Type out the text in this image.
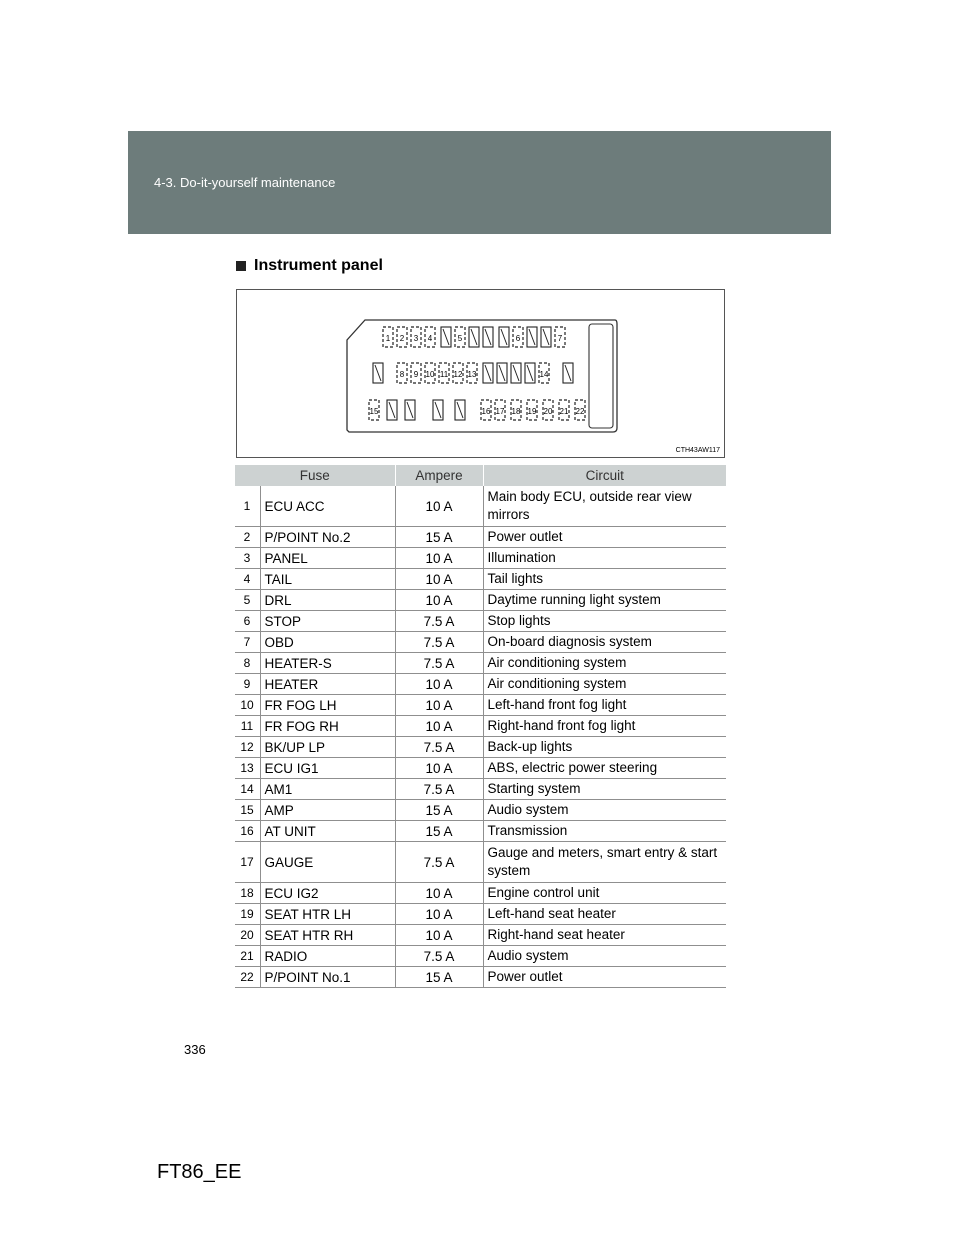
4-3. Do-it-yourself maintenance
Instrument panel
1 2 3 4	5	6	7
8 9 10 11 12 13	14
15	16 17 18 19 20 21 22
CTH43AW117
Fuse		Ampere	Circuit
1	ECU ACC	10 A	Main body ECU, outside rear view mirrors
2	P/POINT No.2	15 A	Power outlet
3	PANEL	10 A	Illumination
4	TAIL	10 A	Tail lights
5	DRL	10 A	Daytime running light system
6	STOP	7.5 A	Stop lights
7	OBD	7.5 A	On-board diagnosis system
8	HEATER-S	7.5 A	Air conditioning system
9	HEATER	10 A	Air conditioning system
10	FR FOG LH	10 A	Left-hand front fog light
11	FR FOG RH	10 A	Right-hand front fog light
12	BK/UP LP	7.5 A	Back-up lights
13	ECU IG1	10 A	ABS, electric power steering
14	AM1	7.5 A	Starting system
15	AMP	15 A	Audio system
16	AT UNIT	15 A	Transmission
17	GAUGE	7.5 A	Gauge and meters, smart entry & start system
18	ECU IG2	10 A	Engine control unit
19	SEAT HTR LH	10 A	Left-hand seat heater
20	SEAT HTR RH	10 A	Right-hand seat heater
21	RADIO	7.5 A	Audio system
22	P/POINT No.1	15 A	Power outlet
336
FT86_EE
